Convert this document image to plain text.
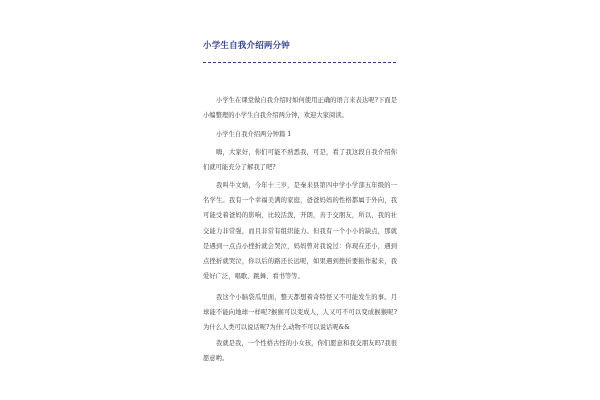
小学生自我介绍两分钟

小学生在课堂做自我介绍时如何使用正确的语言来表达呢?下面是小编整理的小学生自我介绍两分钟，欢迎大家阅读。

小学生自我介绍两分钟篇 1

嗨，大家好，你们可能不熟悉我，可是，看了我这段自我介绍你们就可能充分了解我了吧?

我叫牛文婧，今年十三岁，是秦来县第四中学小学部五年级的一名学生。我有一个幸福美满的家庭，爸爸妈妈的性格都属于外向，我可能受着爸妈的影响，比较活泼，开朗，善于交朋友，所以，我的社交能力非常强，而且非常有组织能力。但我有一个小小的缺点，那就是遇到一点点小挫折就会哭泣，妈妈曾对我说过：你现在还小，遇到点挫折就哭泣，你以后的路还长远呢，如果遇到挫折要振作起来，我爱好广泛，唱歌、跳舞、看书等等。

我这个小脑袋瓜里面，整天都想着奇特怪又不可能发生的事。月球能不能向地球一样呢?猴猴可以变成人，人又可不可以变成猴猴呢?为什么人类可以说话呢?为什么动物不可以说话呢&&

我就是我，一个性格古怪的小女孩，你们愿意和我交朋友吗?我很愿意哟。
